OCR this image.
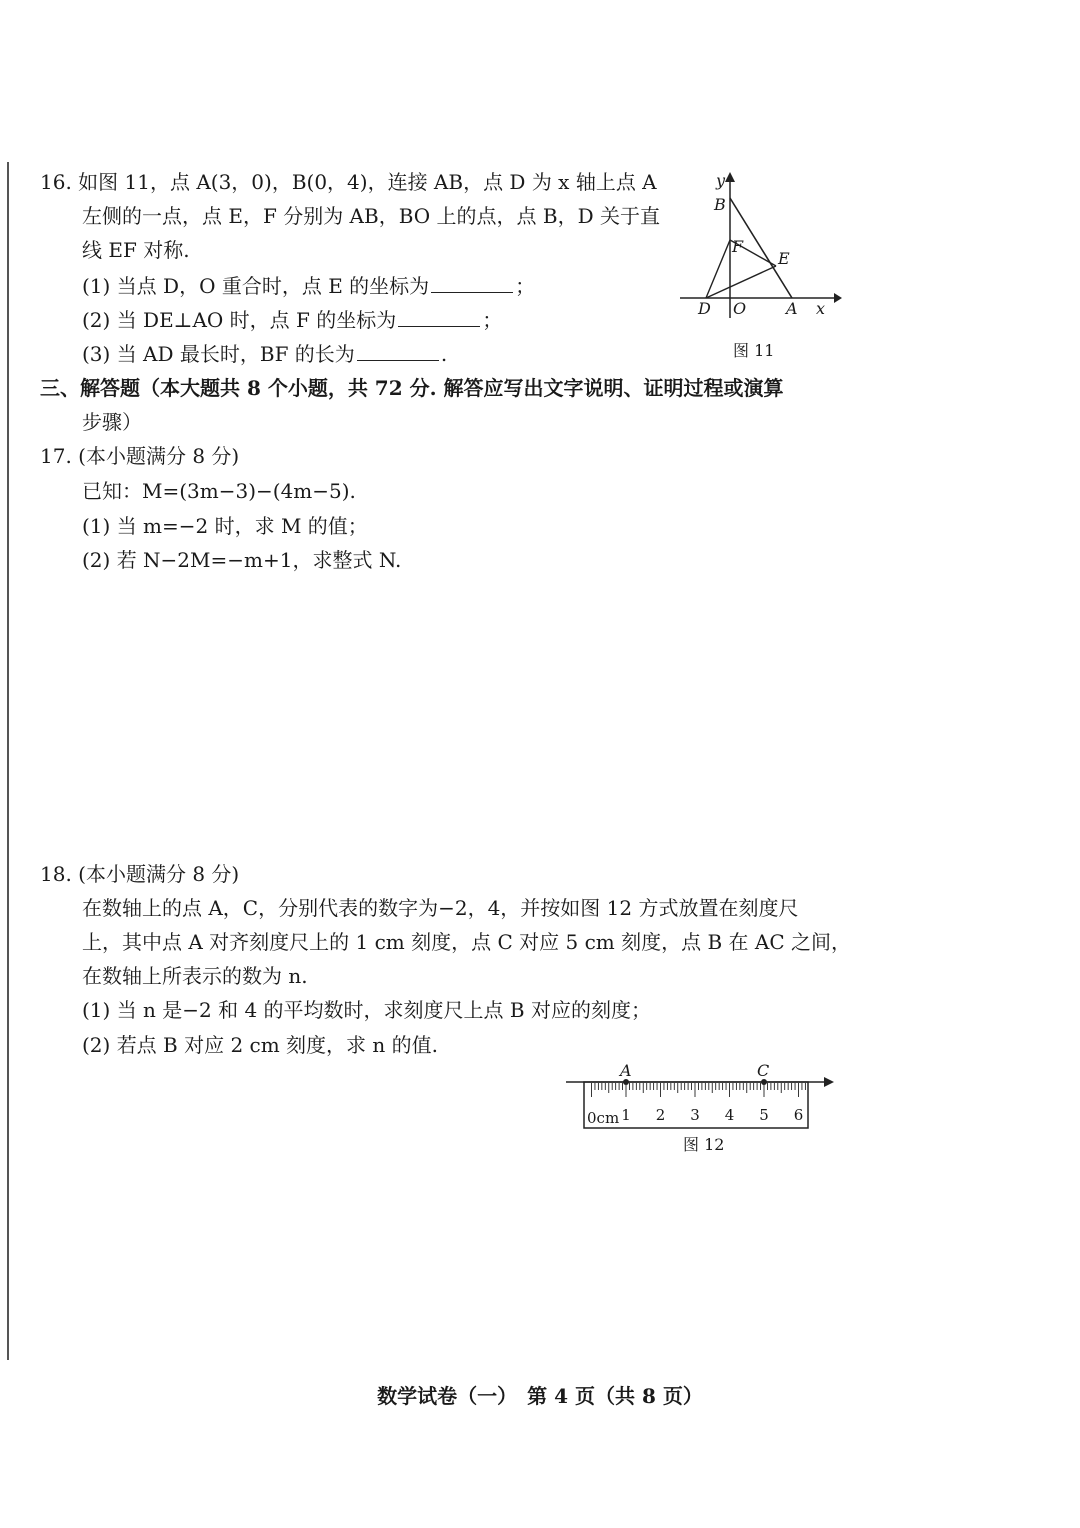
16. 如图 11，点 A(3，0)，B(0，4)，连接 AB，点 D 为 x 轴上点 A
左侧的一点，点 E，F 分别为 AB，BO 上的点，点 B，D 关于直
线 EF 对称.
(1) 当点 D，O 重合时，点 E 的坐标为	；
(2) 当 DE⊥AO 时，点 F 的坐标为	；
(3) 当 AD 最长时，BF 的长为	.
y
x
B
F
E
D O A
图 11
三、解答题（本大题共 8 个小题，共 72 分. 解答应写出文字说明、证明过程或演算
步骤）
17. (本小题满分 8 分)
已知：M=(3m−3)−(4m−5).
(1) 当 m=−2 时，求 M 的值；
(2) 若 N−2M=−m+1，求整式 N.
18. (本小题满分 8 分)
在数轴上的点 A，C，分别代表的数字为−2，4，并按如图 12 方式放置在刻度尺
上，其中点 A 对齐刻度尺上的 1 cm 刻度，点 C 对应 5 cm 刻度，点 B 在 AC 之间，
在数轴上所表示的数为 n.
(1) 当 n 是−2 和 4 的平均数时，求刻度尺上点 B 对应的刻度；
(2) 若点 B 对应 2 cm 刻度，求 n 的值.
A	C
0cm 1 2 3 4 5 6
图 12
数学试卷（一）　第 4 页（共 8 页）
